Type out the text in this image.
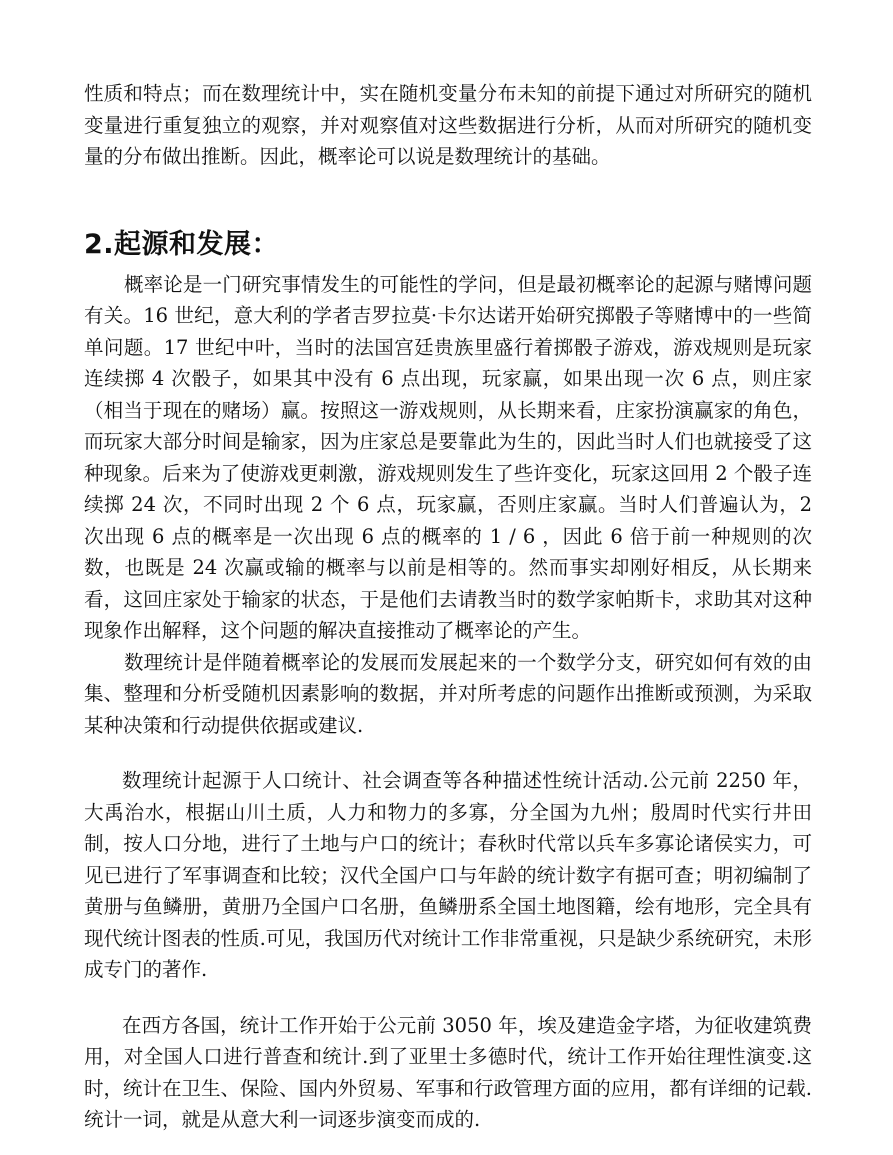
性质和特点；而在数理统计中，实在随机变量分布未知的前提下通过对所研究的随机变量进行重复独立的观察，并对观察值对这些数据进行分析，从而对所研究的随机变量的分布做出推断。因此，概率论可以说是数理统计的基础。

2.起源和发展：

概率论是一门研究事情发生的可能性的学问，但是最初概率论的起源与赌博问题有关。16 世纪，意大利的学者吉罗拉莫·卡尔达诺开始研究掷骰子等赌博中的一些简单问题。17 世纪中叶，当时的法国宫廷贵族里盛行着掷骰子游戏，游戏规则是玩家连续掷 4 次骰子，如果其中没有 6 点出现，玩家赢，如果出现一次 6 点，则庄家（相当于现在的赌场）赢。按照这一游戏规则，从长期来看，庄家扮演赢家的角色，而玩家大部分时间是输家，因为庄家总是要靠此为生的，因此当时人们也就接受了这种现象。后来为了使游戏更刺激，游戏规则发生了些许变化，玩家这回用 2 个骰子连续掷 24 次，不同时出现 2 个 6 点，玩家赢，否则庄家赢。当时人们普遍认为，2 次出现 6 点的概率是一次出现 6 点的概率的 1 / 6 ，因此 6 倍于前一种规则的次数，也既是 24 次赢或输的概率与以前是相等的。然而事实却刚好相反，从长期来看，这回庄家处于输家的状态，于是他们去请教当时的数学家帕斯卡，求助其对这种现象作出解释，这个问题的解决直接推动了概率论的产生。

数理统计是伴随着概率论的发展而发展起来的一个数学分支，研究如何有效的由集、整理和分析受随机因素影响的数据，并对所考虑的问题作出推断或预测，为采取某种决策和行动提供依据或建议.

数理统计起源于人口统计、社会调查等各种描述性统计活动.公元前 2250 年，大禹治水，根据山川土质，人力和物力的多寡，分全国为九州；殷周时代实行井田制，按人口分地，进行了土地与户口的统计；春秋时代常以兵车多寡论诸侯实力，可见已进行了军事调查和比较；汉代全国户口与年龄的统计数字有据可查；明初编制了黄册与鱼鳞册，黄册乃全国户口名册，鱼鳞册系全国土地图籍，绘有地形，完全具有现代统计图表的性质.可见，我国历代对统计工作非常重视，只是缺少系统研究，未形成专门的著作.

在西方各国，统计工作开始于公元前 3050 年，埃及建造金字塔，为征收建筑费用，对全国人口进行普查和统计.到了亚里士多德时代，统计工作开始往理性演变.这时，统计在卫生、保险、国内外贸易、军事和行政管理方面的应用，都有详细的记载.统计一词，就是从意大利一词逐步演变而成的.
